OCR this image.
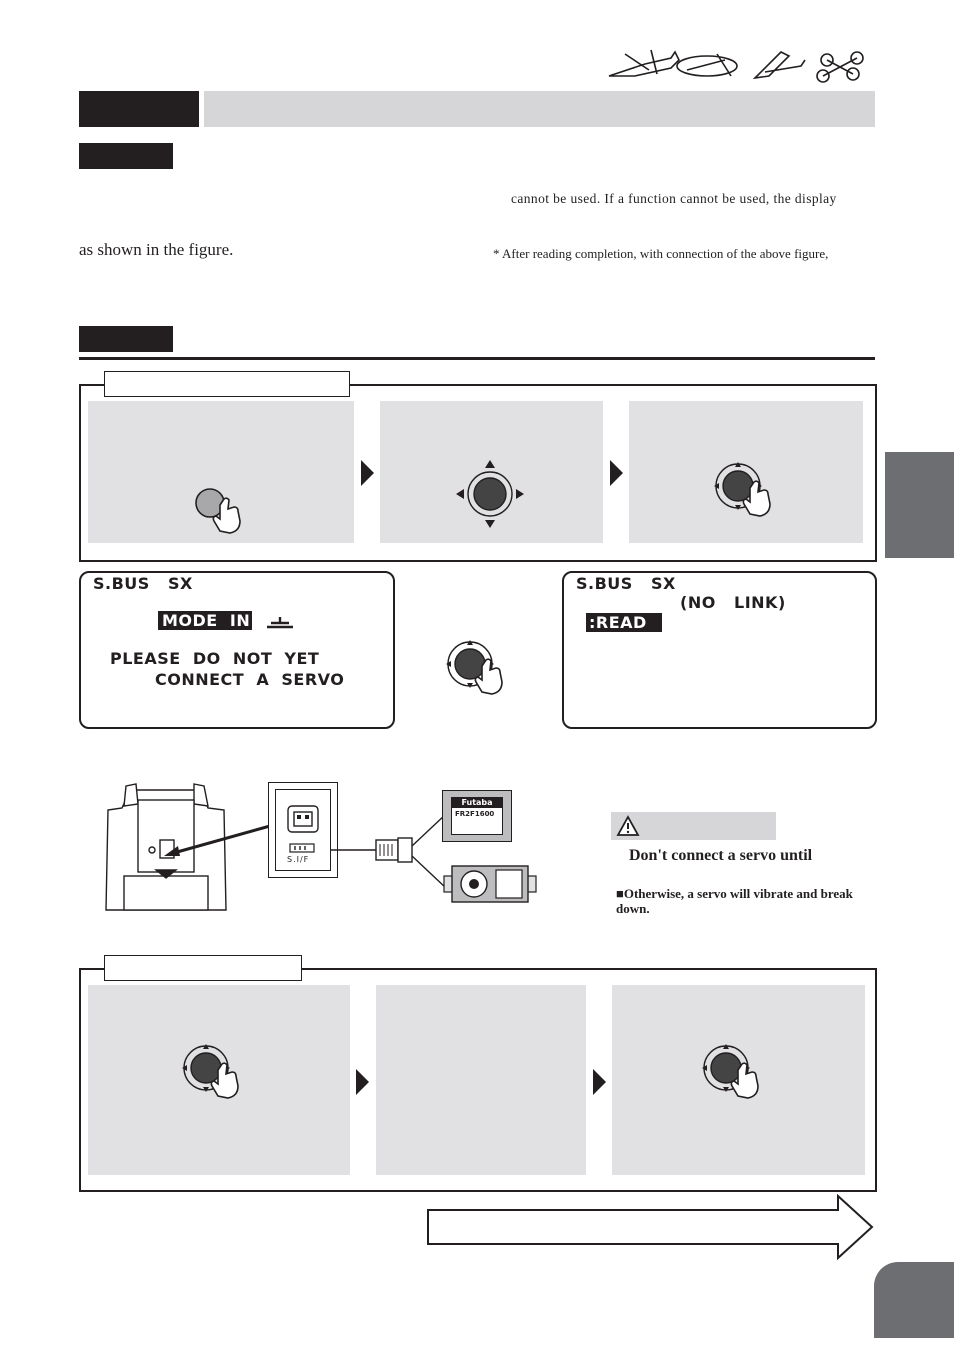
cannot be used. If a function cannot be used, the display
as shown in the figure.	* After reading completion, with connection of the above figure,
S.BUS   SX
MODE  IN
PLEASE  DO  NOT  YET
CONNECT  A  SERVO
S.BUS   SX
(NO   LINK)
:READ
S.I/F
Futaba
FR2F1600
Don't connect a servo until
■Otherwise, a servo will vibrate and break down.
